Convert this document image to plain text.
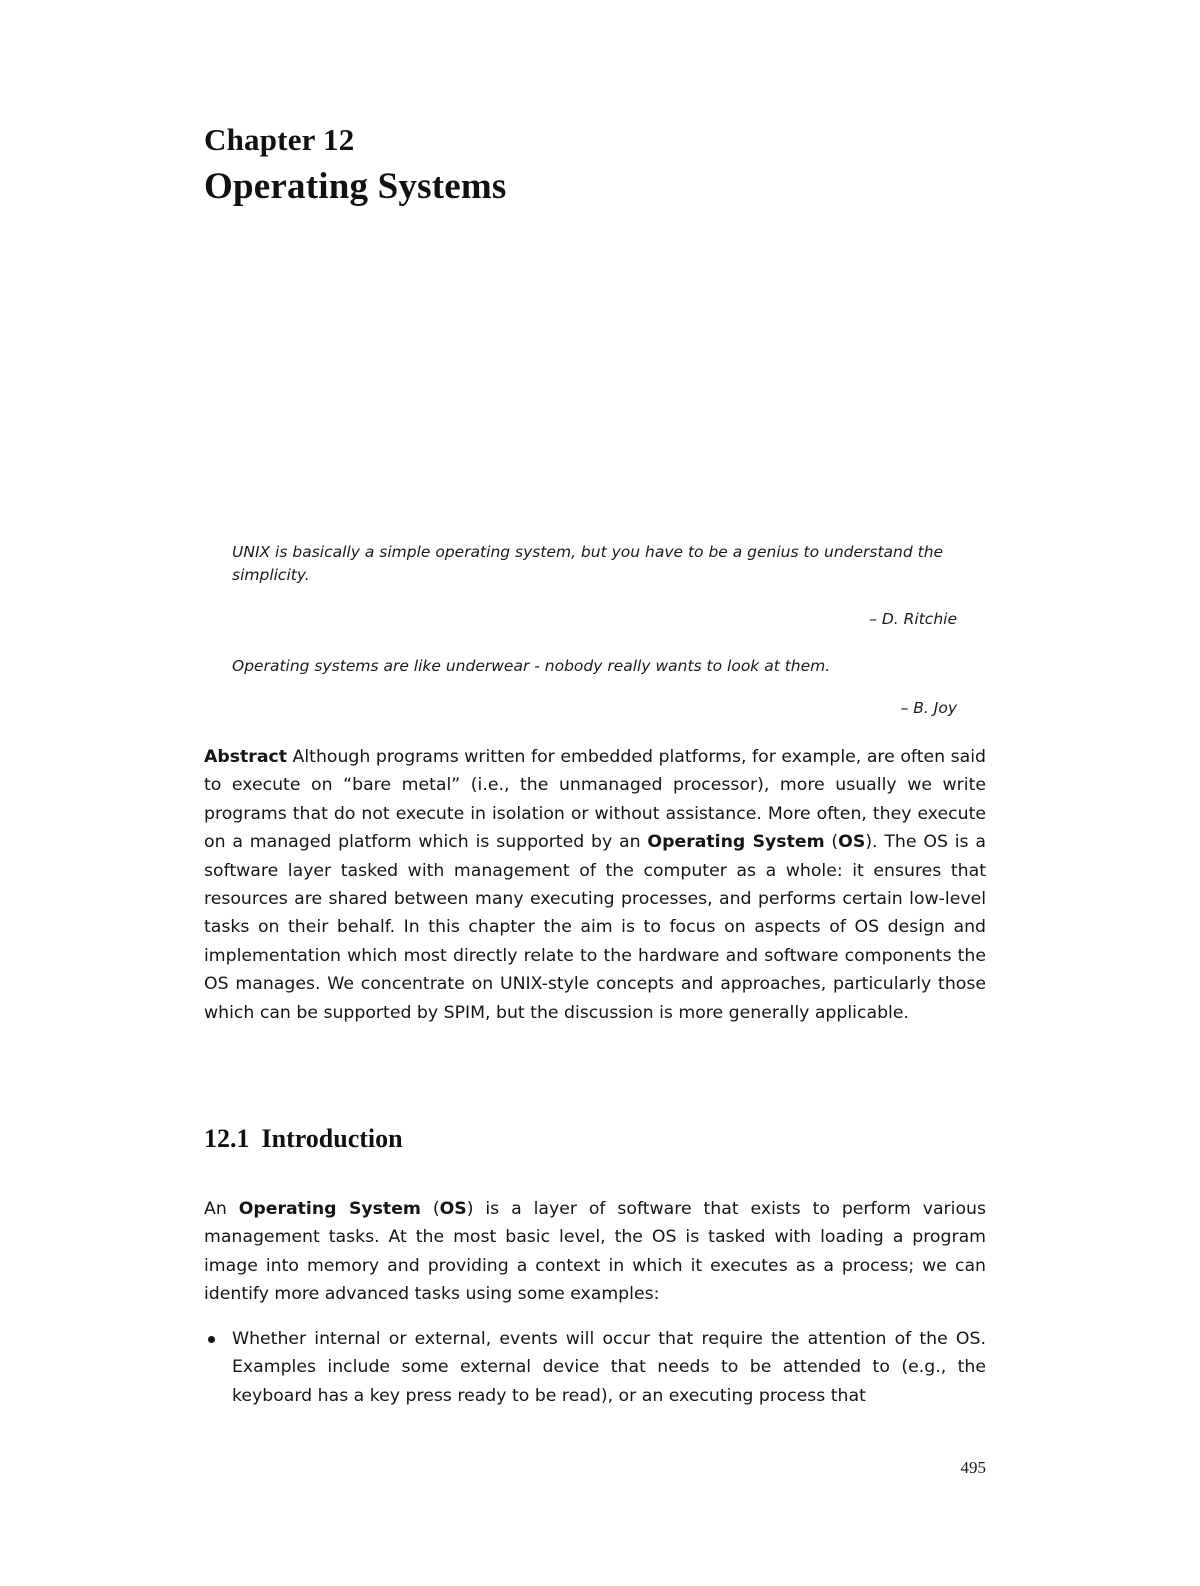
Chapter 12
Operating Systems
UNIX is basically a simple operating system, but you have to be a genius to understand the simplicity.
– D. Ritchie
Operating systems are like underwear - nobody really wants to look at them.
– B. Joy
Abstract Although programs written for embedded platforms, for example, are often said to execute on “bare metal” (i.e., the unmanaged processor), more usually we write programs that do not execute in isolation or without assistance. More often, they execute on a managed platform which is supported by an Operating System (OS). The OS is a software layer tasked with management of the computer as a whole: it ensures that resources are shared between many executing processes, and performs certain low-level tasks on their behalf. In this chapter the aim is to focus on aspects of OS design and implementation which most directly relate to the hardware and software components the OS manages. We concentrate on UNIX-style concepts and approaches, particularly those which can be supported by SPIM, but the discussion is more generally applicable.
12.1 Introduction
An Operating System (OS) is a layer of software that exists to perform various management tasks. At the most basic level, the OS is tasked with loading a program image into memory and providing a context in which it executes as a process; we can identify more advanced tasks using some examples:
Whether internal or external, events will occur that require the attention of the OS. Examples include some external device that needs to be attended to (e.g., the keyboard has a key press ready to be read), or an executing process that
495
